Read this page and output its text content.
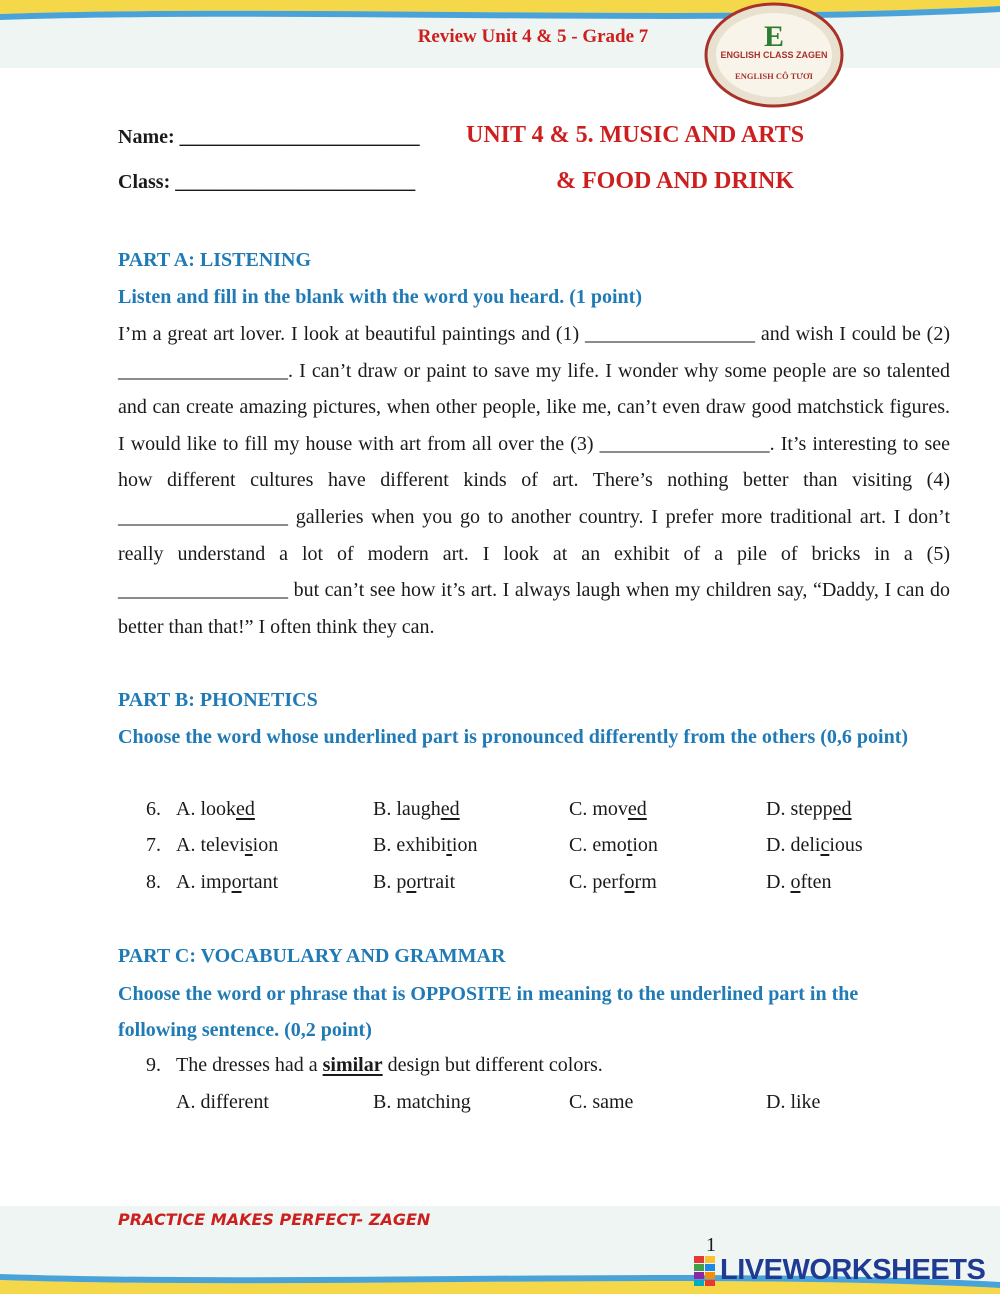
Review Unit 4 & 5 - Grade 7	E
ENGLISH CLASS ZAGEN
ENGLISH CÔ TƯƠI
Name: ________________________
Class: ________________________
UNIT 4 & 5. MUSIC AND ARTS
& FOOD AND DRINK
PART A: LISTENING
Listen and fill in the blank with the word you heard. (1 point)
I’m a great art lover. I look at beautiful paintings and (1) _________________ and wish I could be (2) _________________. I can’t draw or paint to save my life. I wonder why some people are so talented and can create amazing pictures, when other people, like me, can’t even draw good matchstick figures. I would like to fill my house with art from all over the (3) _________________. It’s interesting to see how different cultures have different kinds of art. There’s nothing better than visiting (4) _________________ galleries when you go to another country. I prefer more traditional art. I don’t really understand a lot of modern art. I look at an exhibit of a pile of bricks in a (5) _________________ but can’t see how it’s art. I always laugh when my children say, “Daddy, I can do better than that!” I often think they can.
PART B: PHONETICS
Choose the word whose underlined part is pronounced differently from the others (0,6 point)
6. A. looked	B. laughed	C. moved	D. stepped
7. A. television	B. exhibition	C. emotion	D. delicious
8. A. important	B. portrait	C. perform	D. often
PART C: VOCABULARY AND GRAMMAR
Choose the word or phrase that is OPPOSITE in meaning to the underlined part in the following sentence. (0,2 point)
9. The dresses had a similar design but different colors.
A. different	B. matching	C. same	D. like
PRACTICE MAKES PERFECT- ZAGEN
1
LIVEWORKSHEETS
